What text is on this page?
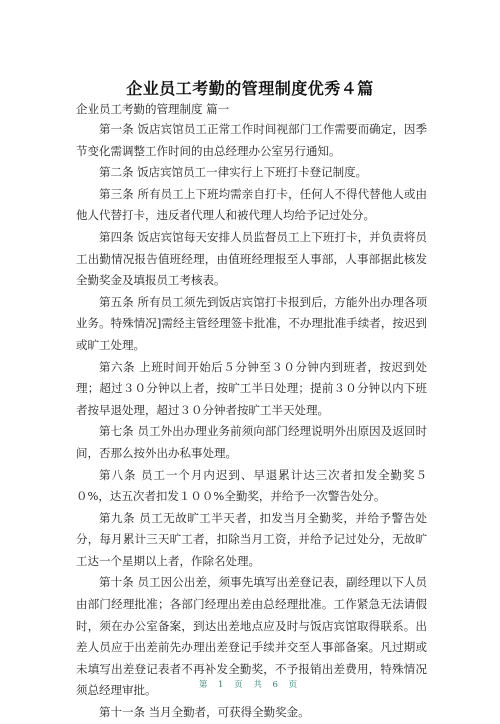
企业员工考勤的管理制度优秀４篇
企业员工考勤的管理制度 篇一

第一条 饭店宾馆员工正常工作时间视部门工作需要而确定，因季节变化需调整工作时间的由总经理办公室另行通知。

第二条 饭店宾馆员工一律实行上下班打卡登记制度。

第三条 所有员工上下班均需亲自打卡，任何人不得代替他人或由他人代替打卡，违反者代理人和被代理人均给予记过处分。

第四条 饭店宾馆每天安排人员监督员工上下班打卡，并负责将员工出勤情况报告值班经理，由值班经理报至人事部，人事部据此核发全勤奖金及填报员工考核表。

第五条 所有员工须先到饭店宾馆打卡报到后，方能外出办理各项业务。特殊情况]需经主管经理签卡批准，不办理批准手续者，按迟到或旷工处理。

第六条 上班时间开始后５分钟至３０分钟内到班者，按迟到处理；超过３０分钟以上者，按旷工半日处理；提前３０分钟以内下班者按早退处理，超过３０分钟者按旷工半天处理。

第七条 员工外出办理业务前须向部门经理说明外出原因及返回时间，否那么按外出办私事处理。

第八条 员工一个月内迟到、早退累计达三次者扣发全勤奖５０%，达五次者扣发１００%全勤奖，并给予一次警告处分。

第九条 员工无故旷工半天者，扣发当月全勤奖，并给予警告处分，每月累计三天旷工者，扣除当月工资，并给予记过处分，无故旷工达一个星期以上者，作除名处理。

第十条 员工因公出差，须事先填写出差登记表，副经理以下人员由部门经理批准；各部门经理出差由总经理批准。工作紧急无法请假时，须在办公室备案，到达出差地点应及时与饭店宾馆取得联系。出差人员应于出差前先办理出差登记手续并交至人事部备案。凡过期或未填写出差登记表者不再补发全勤奖，不予报销出差费用，特殊情况须总经理审批。

第十一条 当月全勤者，可获得全勤奖金。

第 1 页 共 6 页
